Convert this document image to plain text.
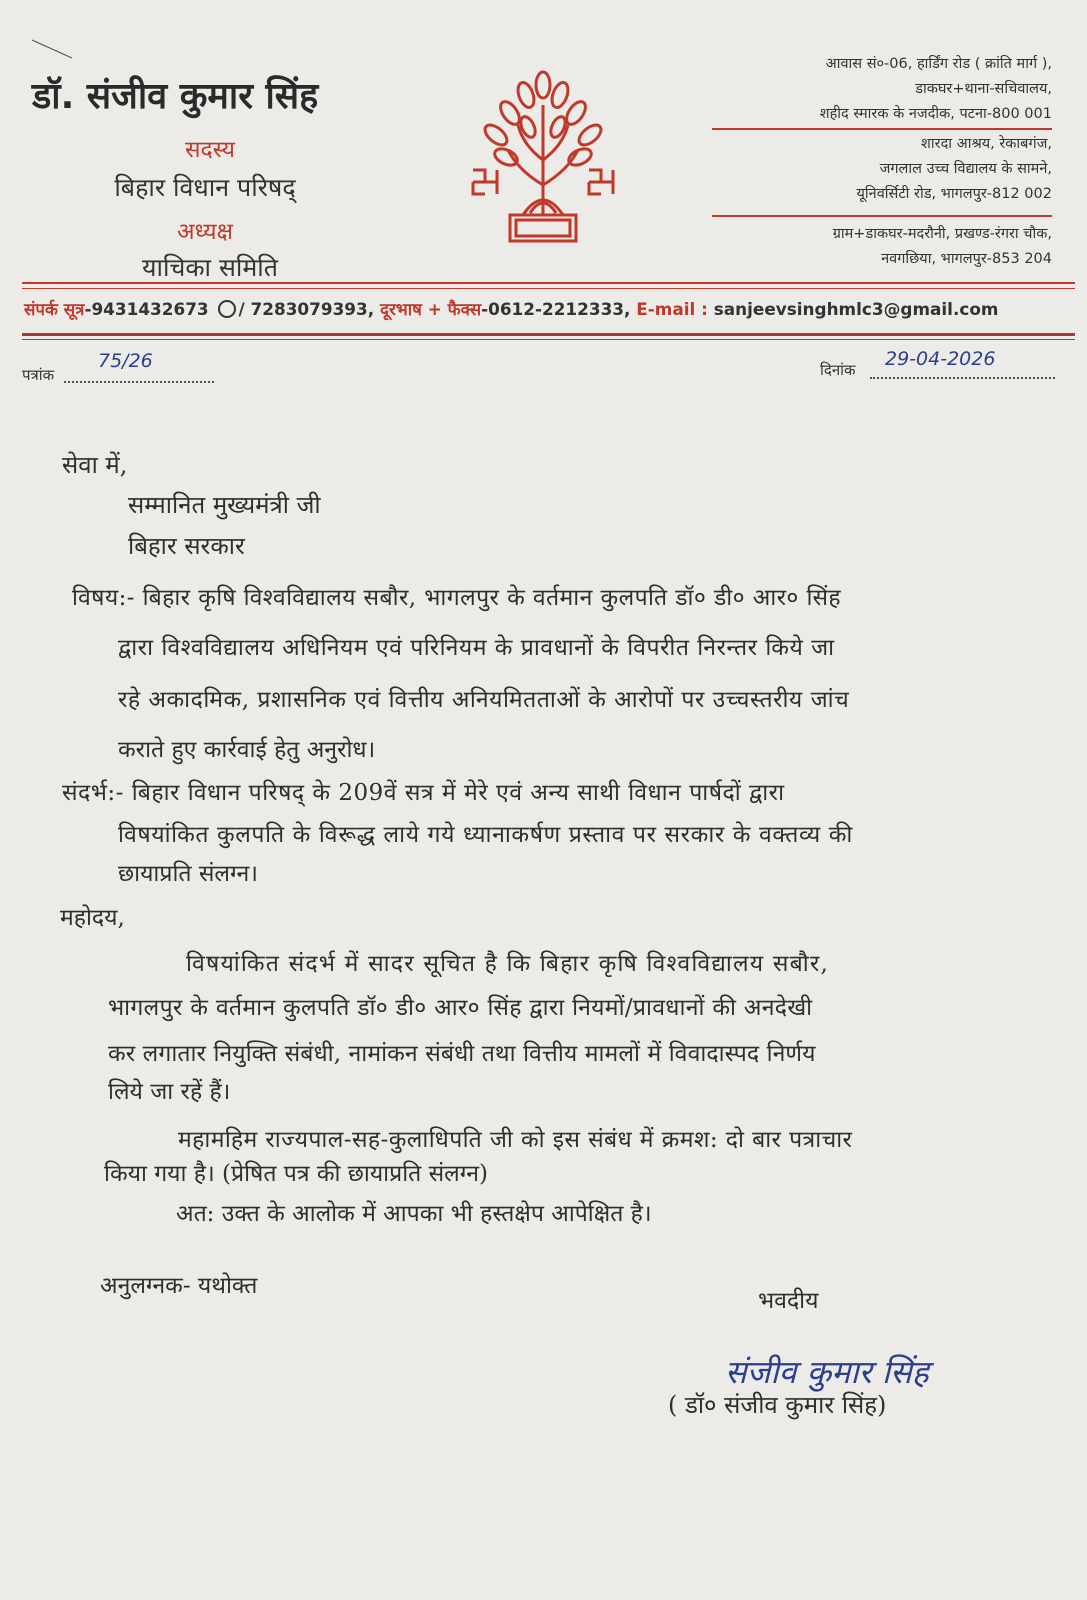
डॉ. संजीव कुमार सिंह
सदस्य
बिहार विधान परिषद्
अध्यक्ष
याचिका समिति
आवास सं०-06, हार्डिंग रोड ( क्रांति मार्ग ),
डाकघर+थाना-सचिवालय,
शहीद स्मारक के नजदीक, पटना-800 001
शारदा आश्रय, रेकाबगंज,
जगलाल उच्च विद्यालय के सामने,
यूनिवर्सिटी रोड, भागलपुर-812 002
ग्राम+डाकघर-मदरौनी, प्रखण्ड-रंगरा चौक,
नवगछिया, भागलपुर-853 204
संपर्क सूत्र-9431432673 / 7283079393, दूरभाष + फैक्स-0612-2212333, E-mail : sanjeevsinghmlc3@gmail.com
पत्रांक
75/26	दिनांक 29-04-2026
सेवा में,
सम्मानित मुख्यमंत्री जी
बिहार सरकार
विषय:- बिहार कृषि विश्वविद्यालय सबौर, भागलपुर के वर्तमान कुलपति डॉ० डी० आर० सिंह
द्वारा विश्वविद्यालय अधिनियम एवं परिनियम के प्रावधानों के विपरीत निरन्तर किये जा
रहे अकादमिक, प्रशासनिक एवं वित्तीय अनियमितताओं के आरोपों पर उच्चस्तरीय जांच
कराते हुए कार्रवाई हेतु अनुरोध।
संदर्भ:- बिहार विधान परिषद् के 209वें सत्र में मेरे एवं अन्य साथी विधान पार्षदों द्वारा
विषयांकित कुलपति के विरूद्ध लाये गये ध्यानाकर्षण प्रस्ताव पर सरकार के वक्तव्य की
छायाप्रति संलग्न।
महोदय,
विषयांकित संदर्भ में सादर सूचित है कि बिहार कृषि विश्वविद्यालय सबौर,
भागलपुर के वर्तमान कुलपति डॉ० डी० आर० सिंह द्वारा नियमों/प्रावधानों की अनदेखी
कर लगातार नियुक्ति संबंधी, नामांकन संबंधी तथा वित्तीय मामलों में विवादास्पद निर्णय
लिये जा रहें हैं।
महामहिम राज्यपाल-सह-कुलाधिपति जी को इस संबंध में क्रमश: दो बार पत्राचार
किया गया है। (प्रेषित पत्र की छायाप्रति संलग्न)
अत: उक्त के आलोक में आपका भी हस्तक्षेप आपेक्षित है।
अनुलग्नक- यथोक्त
भवदीय
संजीव कुमार सिंह
( डॉ० संजीव कुमार सिंह)
